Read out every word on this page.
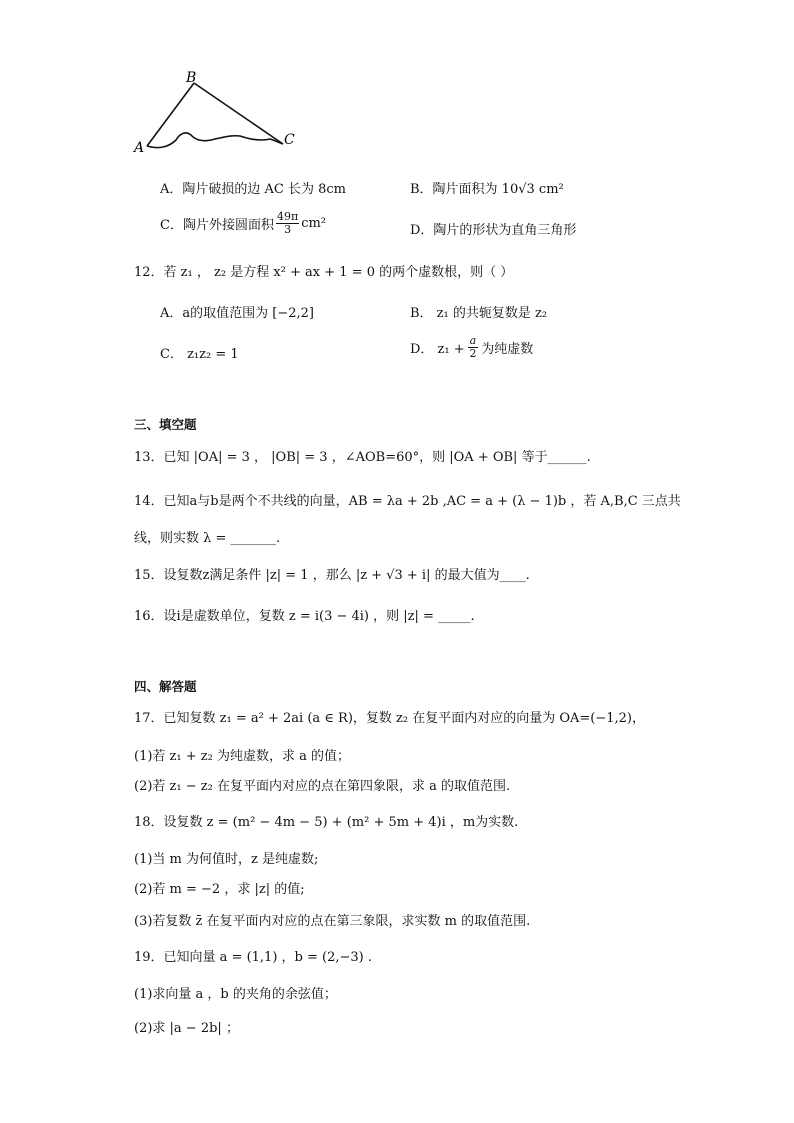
B
A	C
A．陶片破损的边 AC 长为 8cm	B．陶片面积为 10√3 cm²
C．陶片外接圆面积 $\frac{49\pi}{3} cm^2$	D．陶片的形状为直角三角形
12．若 z₁ ， z₂ 是方程 x² + ax + 1 = 0 的两个虚数根，则（ ）
A．a的取值范围为 [−2,2]	B． z₁ 的共轭复数是 z₂
C． z₁z₂ = 1	D． $z_1 + \frac{a}{2}$ 为纯虚数
三、填空题
13．已知 |OA| = 3 ， |OB| = 3 ，∠AOB=60°，则 |OA + OB| 等于______.
14．已知a与b是两个不共线的向量，AB = λa + 2b ,AC = a + (λ − 1)b ，若 A,B,C 三点共
线，则实数 λ = _______.
15．设复数z满足条件 |z| = 1 ，那么 |z + √3 + i| 的最大值为____.
16．设i是虚数单位，复数 z = i(3 − 4i) ，则 |z| = _____.
四、解答题
17．已知复数 z₁ = a² + 2ai (a ∈ R)，复数 z₂ 在复平面内对应的向量为 OA=(−1,2)，
(1)若 z₁ + z₂ 为纯虚数，求 a 的值；
(2)若 z₁ − z₂ 在复平面内对应的点在第四象限，求 a 的取值范围.
18．设复数 z = (m² − 4m − 5) + (m² + 5m + 4)i ，m为实数.
(1)当 m 为何值时，z 是纯虚数;
(2)若 m = −2 ，求 |z| 的值;
(3)若复数 z̄ 在复平面内对应的点在第三象限，求实数 m 的取值范围.
19．已知向量 a = (1,1) ，b = (2,−3) .
(1)求向量 a ，b 的夹角的余弦值；
(2)求 |a − 2b| ；
